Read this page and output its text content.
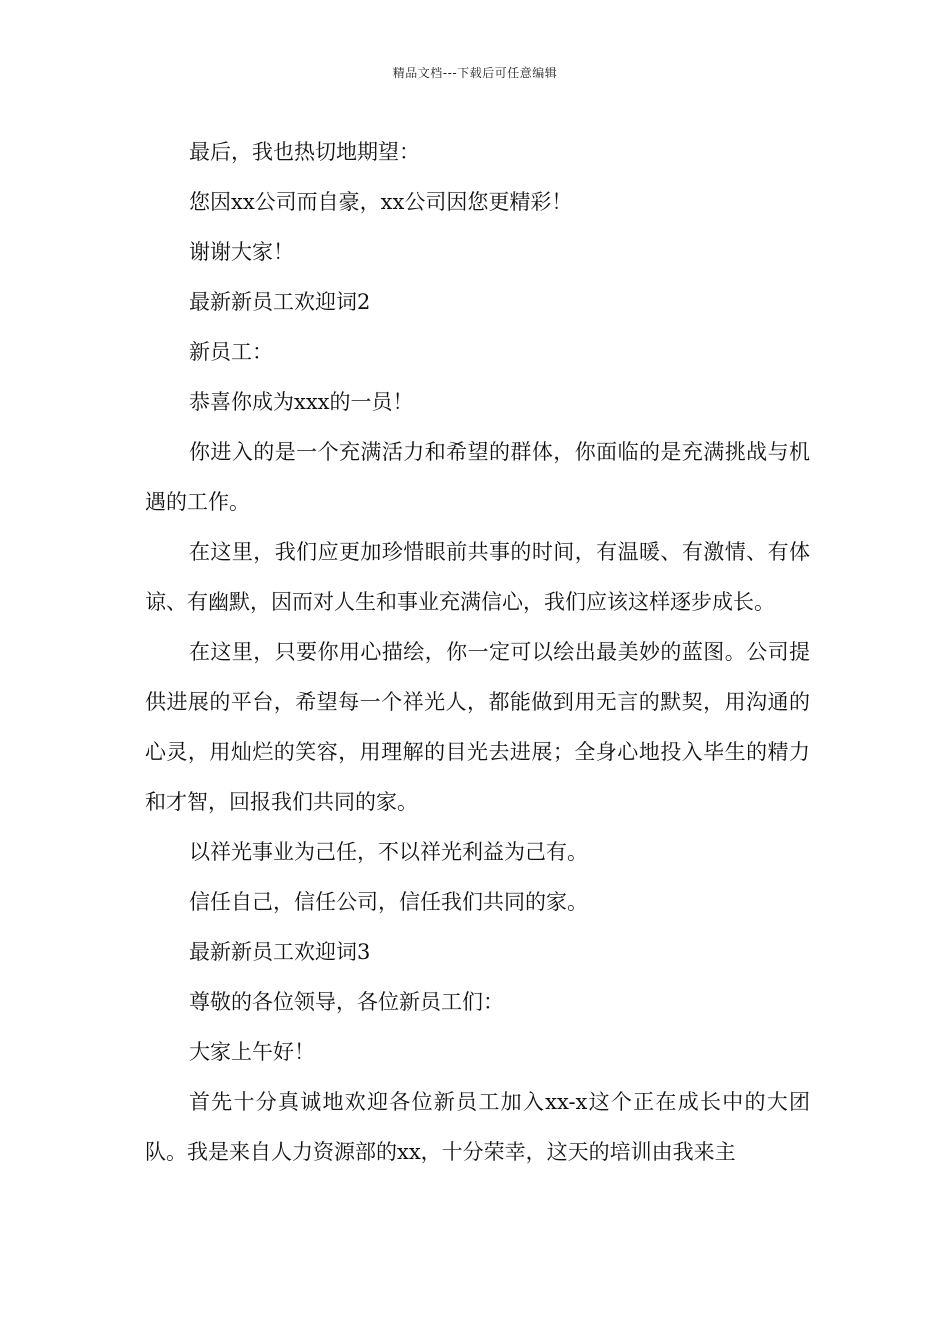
精品文档---下载后可任意编辑

最后，我也热切地期望：

您因xx公司而自豪，xx公司因您更精彩！

谢谢大家！

最新新员工欢迎词2

新员工：

恭喜你成为xxx的一员！

你进入的是一个充满活力和希望的群体，你面临的是充满挑战与机遇的工作。

在这里，我们应更加珍惜眼前共事的时间，有温暖、有激情、有体谅、有幽默，因而对人生和事业充满信心，我们应该这样逐步成长。

在这里，只要你用心描绘，你一定可以绘出最美妙的蓝图。公司提供进展的平台，希望每一个祥光人，都能做到用无言的默契，用沟通的心灵，用灿烂的笑容，用理解的目光去进展；全身心地投入毕生的精力和才智，回报我们共同的家。

以祥光事业为己任，不以祥光利益为己有。

信任自己，信任公司，信任我们共同的家。

最新新员工欢迎词3

尊敬的各位领导，各位新员工们：

大家上午好！

首先十分真诚地欢迎各位新员工加入xx-x这个正在成长中的大团队。我是来自人力资源部的xx，十分荣幸，这天的培训由我来主
